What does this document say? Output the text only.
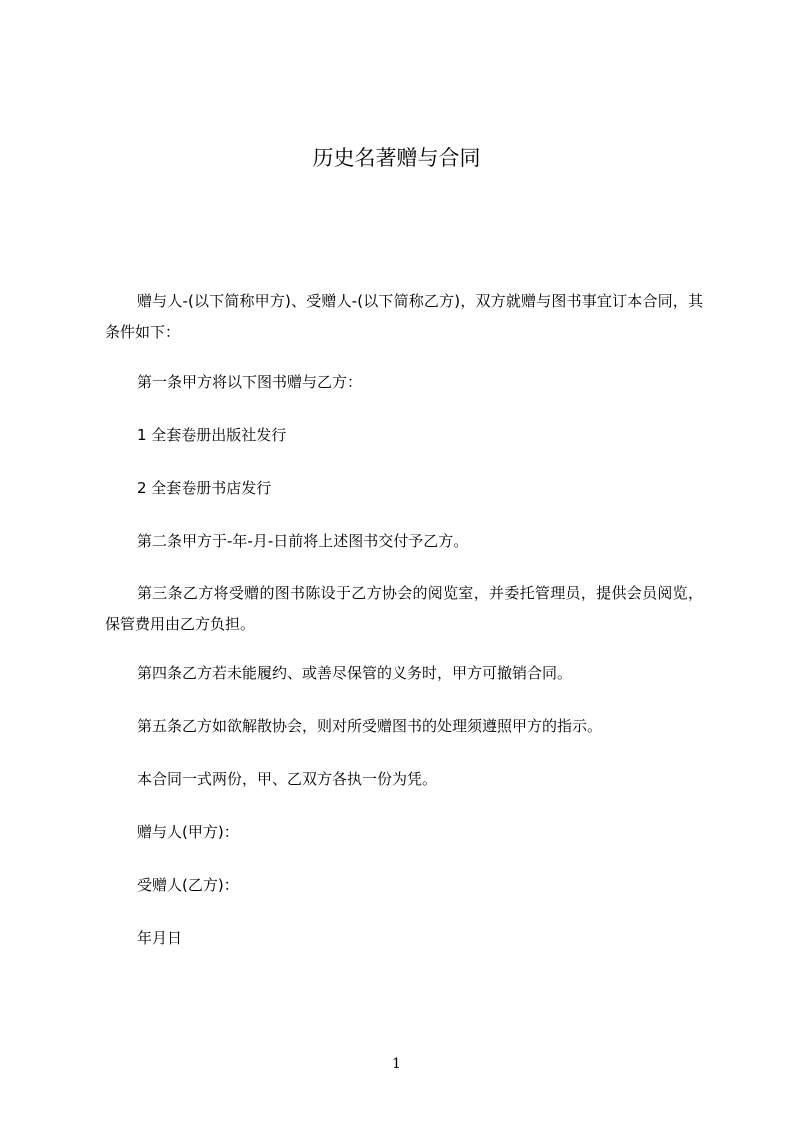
历史名著赠与合同

赠与人-(以下简称甲方)、受赠人-(以下简称乙方)，双方就赠与图书事宜订本合同，其条件如下：

第一条甲方将以下图书赠与乙方：

1 全套卷册出版社发行

2 全套卷册书店发行

第二条甲方于-年-月-日前将上述图书交付予乙方。

第三条乙方将受赠的图书陈设于乙方协会的阅览室，并委托管理员，提供会员阅览，保管费用由乙方负担。

第四条乙方若未能履约、或善尽保管的义务时，甲方可撤销合同。

第五条乙方如欲解散协会，则对所受赠图书的处理须遵照甲方的指示。

本合同一式两份，甲、乙双方各执一份为凭。

赠与人(甲方)：

受赠人(乙方)：

年月日

1
